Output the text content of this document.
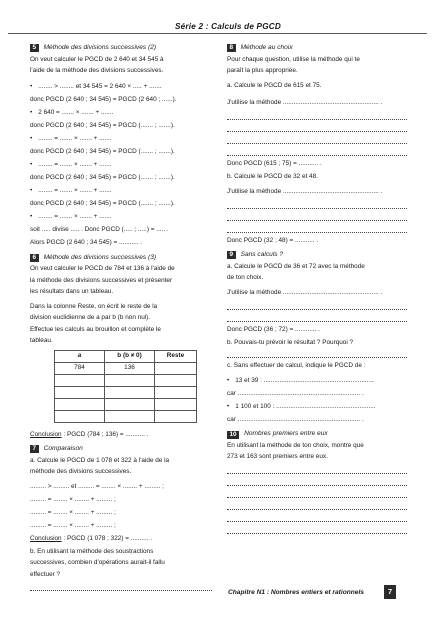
Série 2 : Calculs de PGCD
5	Méthode des divisions successives (2)

On veut calculer le PGCD de 2 640 et 34 545 à

l'aide de la méthode des divisions successives.

• ........ > ........ et 34 545 = 2 640 × ..... + .......

donc PGCD (2 640 ; 34 545) = PGCD (2 640 ; ......).

• 2 640 = ....... × ....... + .......

donc PGCD (2 640 ; 34 545) = PGCD (....... ; .......).

• ........ = ....... × ....... + .......

donc PGCD (2 640 ; 34 545) = PGCD (....... ; .......).

• ........ = ....... × ....... + .......

donc PGCD (2 640 ; 34 545) = PGCD (....... ; .......).

• ........ = ....... × ....... + .......

donc PGCD (2 640 ; 34 545) = PGCD (....... ; .......).

• ........ = ....... × ....... + .......

soit ..... divise ..... . Donc PGCD (..... ; .....) = ..... .

Alors PGCD (2 640 ; 34 545) = ........... .

6	Méthode des divisions successives (3)

On veut calculer le PGCD de 784 et 136 à l'aide de

la méthode des divisions successives et présenter

les résultats dans un tableau.

Dans la colonne Reste, on écrit le reste de la

division euclidienne de a par b (b non nul).

Effectue les calculs au brouillon et complète le

tableau.

a	b (b ≠ 0)	Reste
784	136	

Conclusion : PGCD (784 ; 136) = ........... .

7	Comparaison

a. Calcule le PGCD de 1 078 et 322 à l'aide de la

méthode des divisions successives.

......... > ......... et ......... = ........ × ........ + ......... ;

......... = ........ × ........ + ......... ;

......... = ........ × ........ + ......... ;

......... = ........ × ........ + ......... ;

Conclusion : PGCD (1 078 ; 322) = .......... .

b. En utilisant la méthode des soustractions

successives, combien d'opérations aurait-il fallu

effectuer ?

8	Méthode au choix

Pour chaque question, utilise la méthode qui te

paraît la plus appropriée.

a. Calcule le PGCD de 615 et 75.

J'utilise la méthode ...................................................... .

Donc PGCD (615 ; 75) = ........... .

b. Calcule le PGCD de 32 et 48.

J'utilise la méthode ...................................................... .

Donc PGCD (32 ; 48) = ........... .

9	Sans calculs ?

a. Calcule le PGCD de 36 et 72 avec la méthode

de ton choix.

J'utilise la méthode ...................................................... .

Donc PGCD (36 ; 72) = ............ .

b. Pouvais-tu prévoir le résultat ? Pourquoi ?

c. Sans effectuer de calcul, indique le PGCD de :

• 13 et 39 : ..............................................................

car ..................................................................... .

• 1 100 et 100 : ........................................................

car ..................................................................... .

10	Nombres premiers entre eux

En utilisant la méthode de ton choix, montre que

273 et 163 sont premiers entre eux.

Chapitre N1 : Nombres entiers et rationnels	7
